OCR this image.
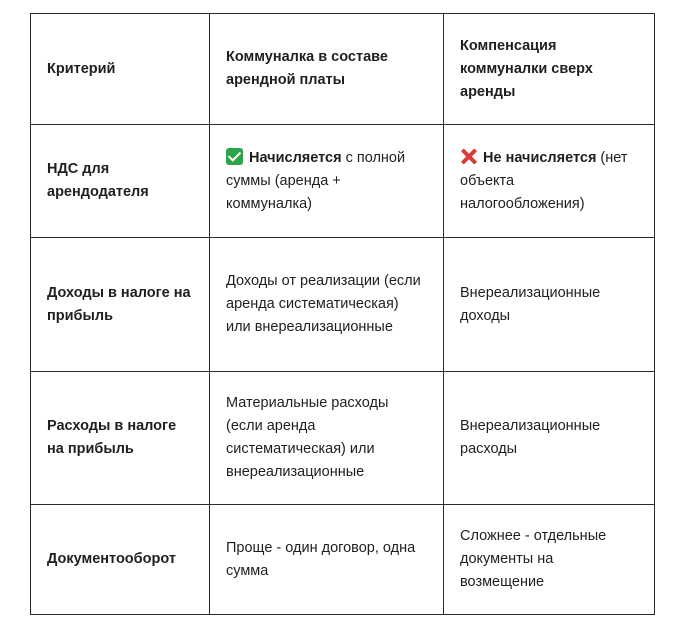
Критерий	Коммуналка в составе арендной платы	Компенсация коммуналки сверх аренды

НДС для арендодателя	Начисляется с полной суммы (аренда + коммуналка)	Не начисляется (нет объекта налогообложения)

Доходы в налоге на прибыль	Доходы от реализации (если аренда систематическая) или внереализационные	Внереализационные доходы

Расходы в налоге на прибыль	Материальные расходы (если аренда систематическая) или внереализационные	Внереализационные расходы

Документооборот	Проще - один договор, одна сумма	Сложнее - отдельные документы на возмещение
